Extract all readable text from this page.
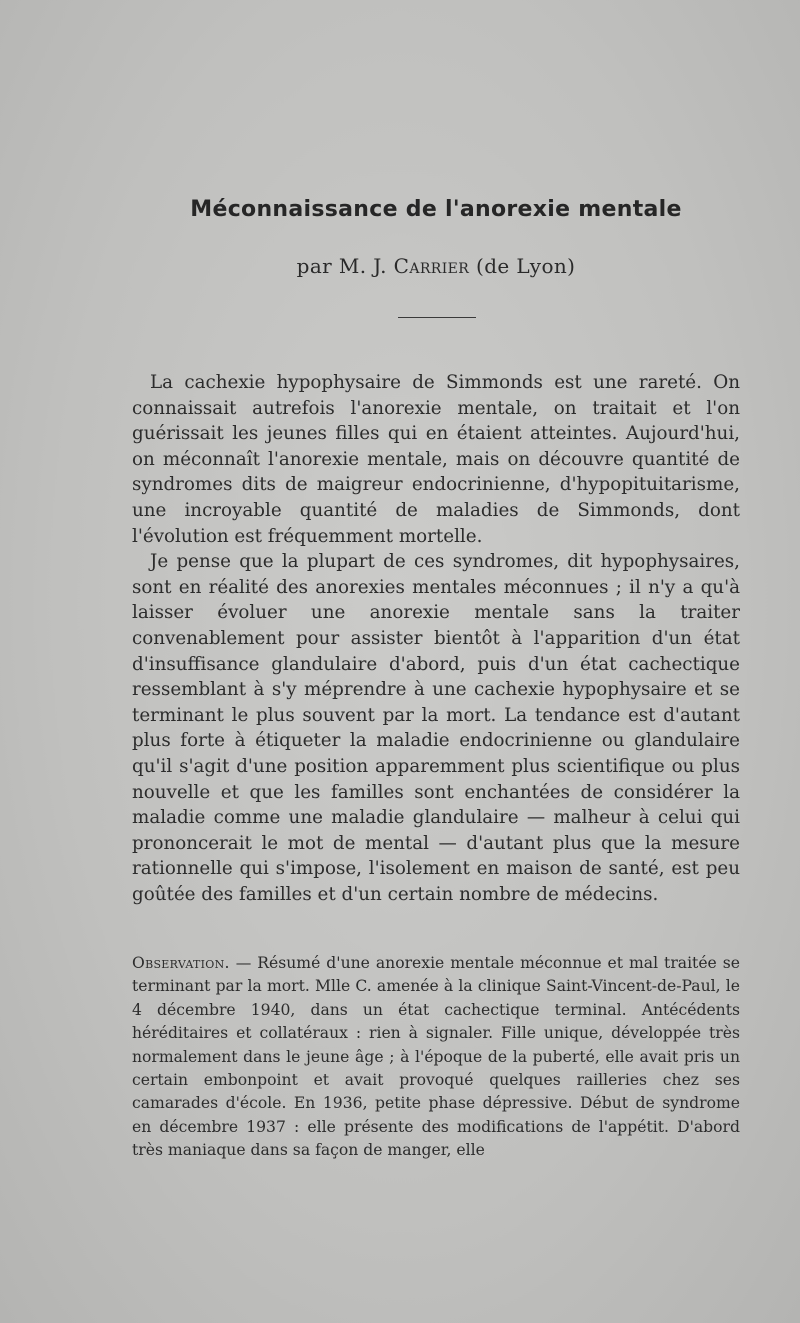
Méconnaissance de l'anorexie mentale
par M. J. Carrier (de Lyon)

La cachexie hypophysaire de Simmonds est une rareté. On connaissait autrefois l'anorexie mentale, on traitait et l'on guérissait les jeunes filles qui en étaient atteintes. Aujourd'hui, on méconnaît l'anorexie mentale, mais on découvre quantité de syndromes dits de maigreur endocrinienne, d'hypopituitarisme, une incroyable quantité de maladies de Simmonds, dont l'évolution est fréquemment mortelle.

Je pense que la plupart de ces syndromes, dit hypophysaires, sont en réalité des anorexies mentales méconnues ; il n'y a qu'à laisser évoluer une anorexie mentale sans la traiter convenablement pour assister bientôt à l'apparition d'un état d'insuffisance glandulaire d'abord, puis d'un état cachectique ressemblant à s'y méprendre à une cachexie hypophysaire et se terminant le plus souvent par la mort. La tendance est d'autant plus forte à étiqueter la maladie endocrinienne ou glandulaire qu'il s'agit d'une position apparemment plus scientifique ou plus nouvelle et que les familles sont enchantées de considérer la maladie comme une maladie glandulaire — malheur à celui qui prononcerait le mot de mental — d'autant plus que la mesure rationnelle qui s'impose, l'isolement en maison de santé, est peu goûtée des familles et d'un certain nombre de médecins.

Observation. — Résumé d'une anorexie mentale méconnue et mal traitée se terminant par la mort. Mlle C. amenée à la clinique Saint-Vincent-de-Paul, le 4 décembre 1940, dans un état cachectique terminal. Antécédents héréditaires et collatéraux : rien à signaler. Fille unique, développée très normalement dans le jeune âge ; à l'époque de la puberté, elle avait pris un certain embonpoint et avait provoqué quelques railleries chez ses camarades d'école. En 1936, petite phase dépressive. Début de syndrome en décembre 1937 : elle présente des modifications de l'appétit. D'abord très maniaque dans sa façon de manger, elle
